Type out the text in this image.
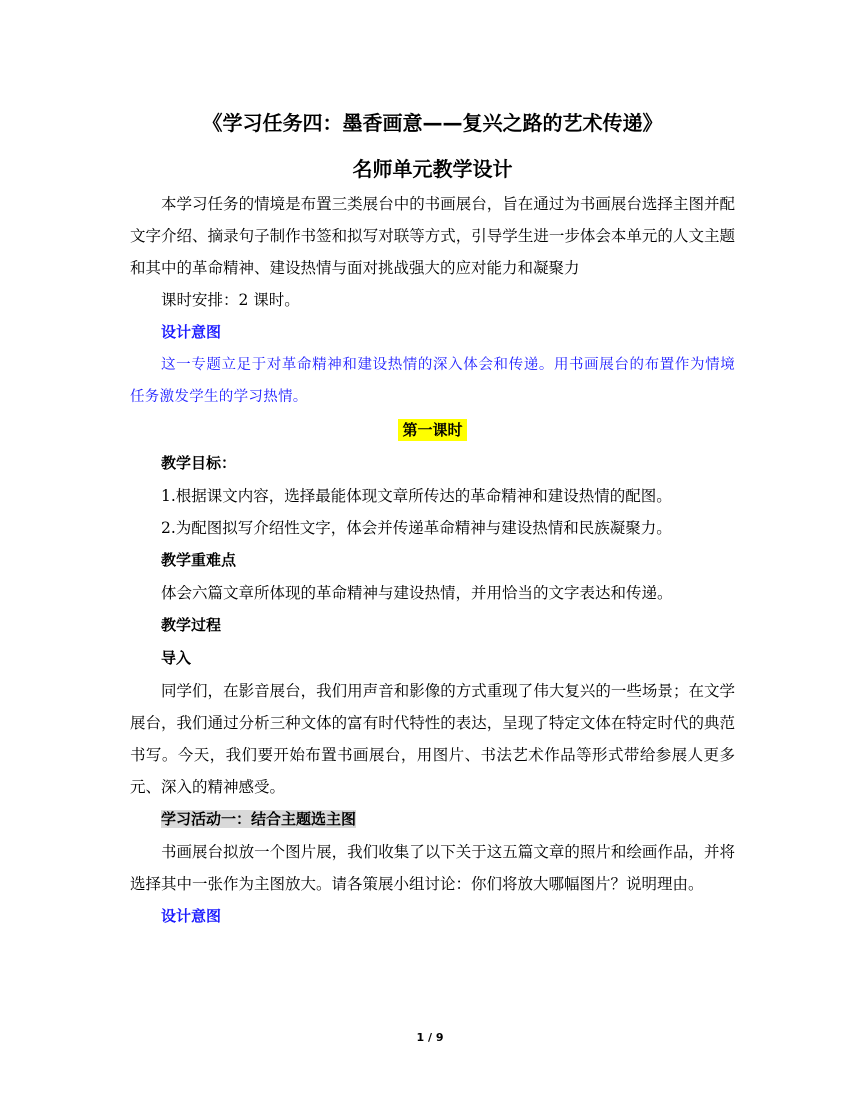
《学习任务四：墨香画意——复兴之路的艺术传递》
名师单元教学设计

本学习任务的情境是布置三类展台中的书画展台，旨在通过为书画展台选择主图并配文字介绍、摘录句子制作书签和拟写对联等方式，引导学生进一步体会本单元的人文主题和其中的革命精神、建设热情与面对挑战强大的应对能力和凝聚力

课时安排：2 课时。

设计意图

这一专题立足于对革命精神和建设热情的深入体会和传递。用书画展台的布置作为情境任务激发学生的学习热情。

第一课时

教学目标：

1.根据课文内容，选择最能体现文章所传达的革命精神和建设热情的配图。

2.为配图拟写介绍性文字，体会并传递革命精神与建设热情和民族凝聚力。

教学重难点

体会六篇文章所体现的革命精神与建设热情，并用恰当的文字表达和传递。

教学过程

导入

同学们，在影音展台，我们用声音和影像的方式重现了伟大复兴的一些场景；在文学展台，我们通过分析三种文体的富有时代特性的表达，呈现了特定文体在特定时代的典范书写。今天，我们要开始布置书画展台，用图片、书法艺术作品等形式带给参展人更多元、深入的精神感受。

学习活动一：结合主题选主图

书画展台拟放一个图片展，我们收集了以下关于这五篇文章的照片和绘画作品，并将选择其中一张作为主图放大。请各策展小组讨论：你们将放大哪幅图片？说明理由。

设计意图

1 / 9
